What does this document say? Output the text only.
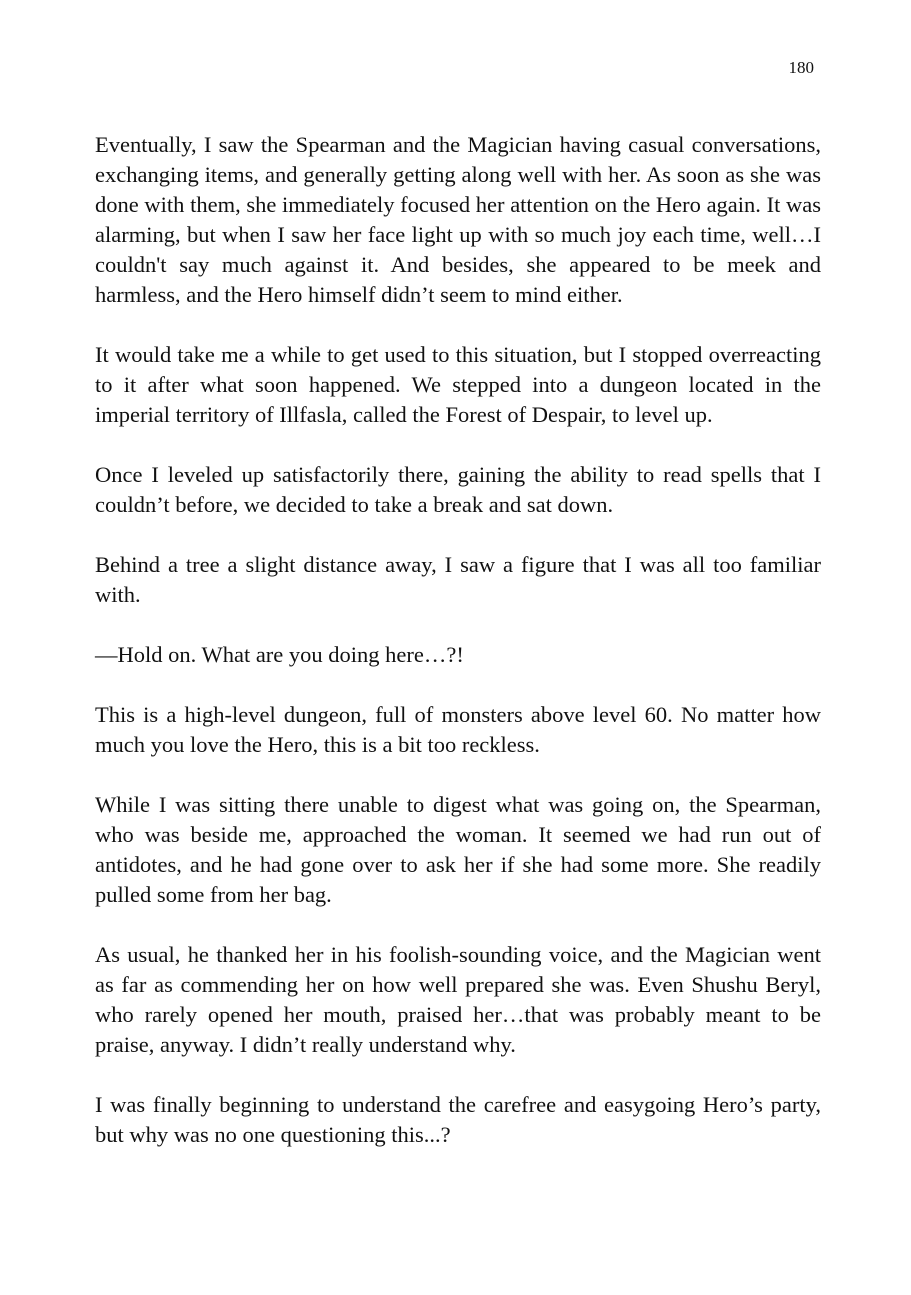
180

Eventually, I saw the Spearman and the Magician having casual conversations, exchanging items, and generally getting along well with her. As soon as she was done with them, she immediately focused her attention on the Hero again. It was alarming, but when I saw her face light up with so much joy each time, well…I couldn't say much against it. And besides, she appeared to be meek and harmless, and the Hero himself didn’t seem to mind either.

It would take me a while to get used to this situation, but I stopped overreacting to it after what soon happened. We stepped into a dungeon located in the imperial territory of Illfasla, called the Forest of Despair, to level up.

Once I leveled up satisfactorily there, gaining the ability to read spells that I couldn’t before, we decided to take a break and sat down.

Behind a tree a slight distance away, I saw a figure that I was all too familiar with.

—Hold on. What are you doing here…?!

This is a high-level dungeon, full of monsters above level 60. No matter how much you love the Hero, this is a bit too reckless.

While I was sitting there unable to digest what was going on, the Spearman, who was beside me, approached the woman. It seemed we had run out of antidotes, and he had gone over to ask her if she had some more. She readily pulled some from her bag.

As usual, he thanked her in his foolish-sounding voice, and the Magician went as far as commending her on how well prepared she was. Even Shushu Beryl, who rarely opened her mouth, praised her…that was probably meant to be praise, anyway. I didn’t really understand why.

I was finally beginning to understand the carefree and easygoing Hero’s party, but why was no one questioning this...?
